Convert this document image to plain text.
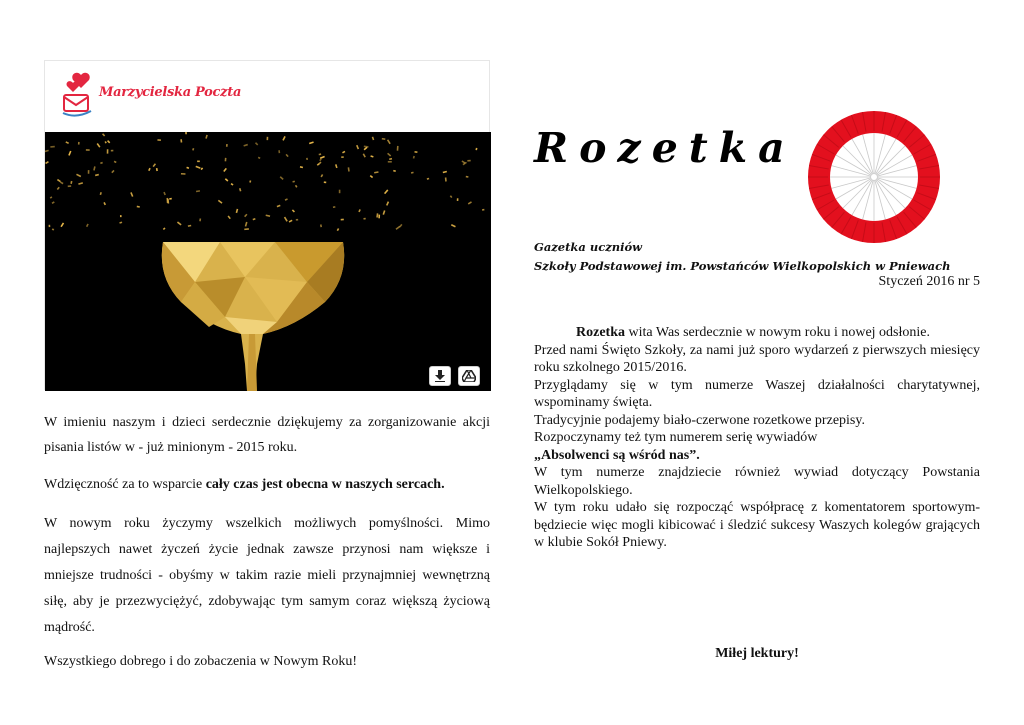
Marzycielska Poczta

W imieniu naszym i dzieci serdecznie dziękujemy za zorganizowanie akcji pisania listów w - już minionym - 2015 roku.

Wdzięczność za to wsparcie cały czas jest obecna w naszych sercach.

W nowym roku życzymy wszelkich możliwych pomyślności. Mimo najlepszych nawet życzeń życie jednak zawsze przynosi nam większe i mniejsze trudności - obyśmy w takim razie mieli przynajmniej wewnętrzną siłę, aby je przezwyciężyć, zdobywając tym samym coraz większą życiową mądrość.

Wszystkiego dobrego i do zobaczenia w Nowym Roku!

Rozetka
Gazetka uczniów
Szkoły Podstawowej im. Powstańców Wielkopolskich w Pniewach
Styczeń 2016 nr 5

Rozetka wita Was serdecznie w nowym roku i nowej odsłonie.

Przed nami Święto Szkoły, za nami już sporo wydarzeń z pierwszych miesięcy roku szkolnego 2015/2016.

Przyglądamy się w tym numerze Waszej działalności charytatywnej, wspominamy święta.

Tradycyjnie podajemy biało-czerwone rozetkowe przepisy.

Rozpoczynamy też tym numerem serię wywiadów

„Absolwenci są wśród nas”.

W tym numerze znajdziecie również wywiad dotyczący Powstania Wielkopolskiego.

W tym roku udało się rozpocząć współpracę z komentatorem sportowym- będziecie więc mogli kibicować i śledzić sukcesy Waszych kolegów grających w klubie Sokół Pniewy.

Miłej lektury!
